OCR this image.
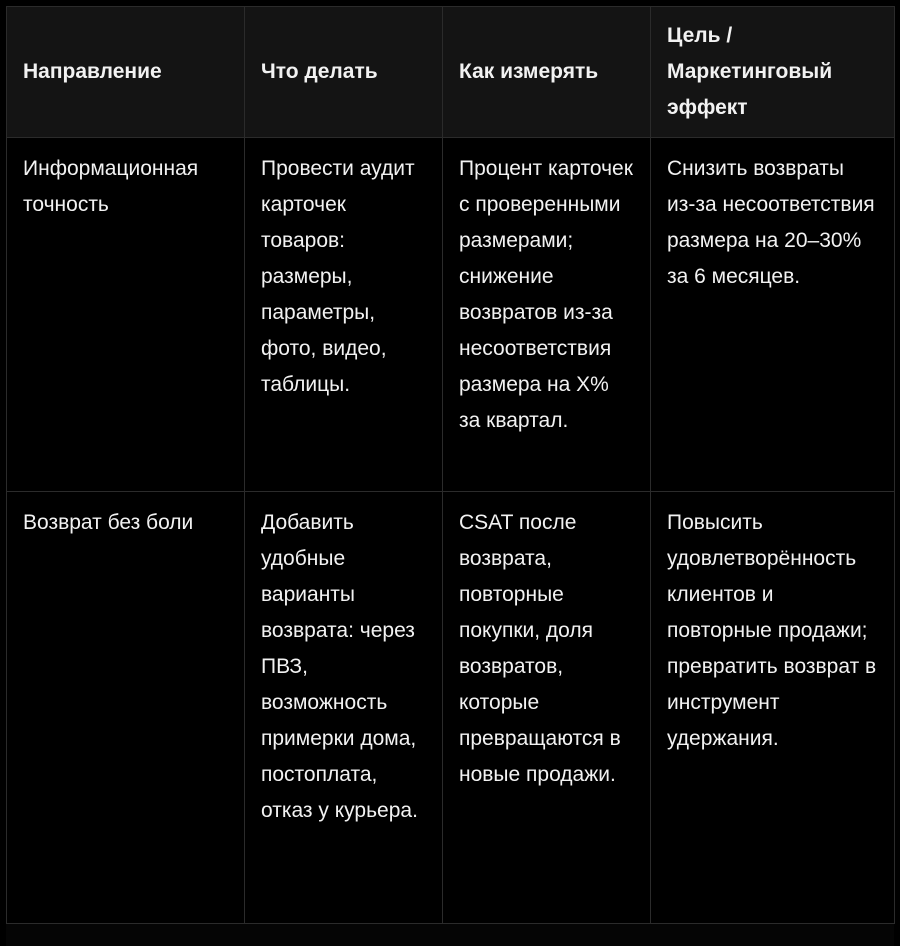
Направление	Что делать	Как измерять	Цель / Маркетинговый эффект
Информационная точность	Провести аудит карточек товаров: размеры, параметры, фото, видео, таблицы.	Процент карточек с проверенными размерами; снижение возвратов из-за несоответствия размера на X% за квартал.	Снизить возвраты из-за несоответствия размера на 20–30% за 6 месяцев.
Возврат без боли	Добавить удобные варианты возврата: через ПВЗ, возможность примерки дома, постоплата, отказ у курьера.	CSAT после возврата, повторные покупки, доля возвратов, которые превращаются в новые продажи.	Повысить удовлетворённость клиентов и повторные продажи; превратить возврат в инструмент удержания.
